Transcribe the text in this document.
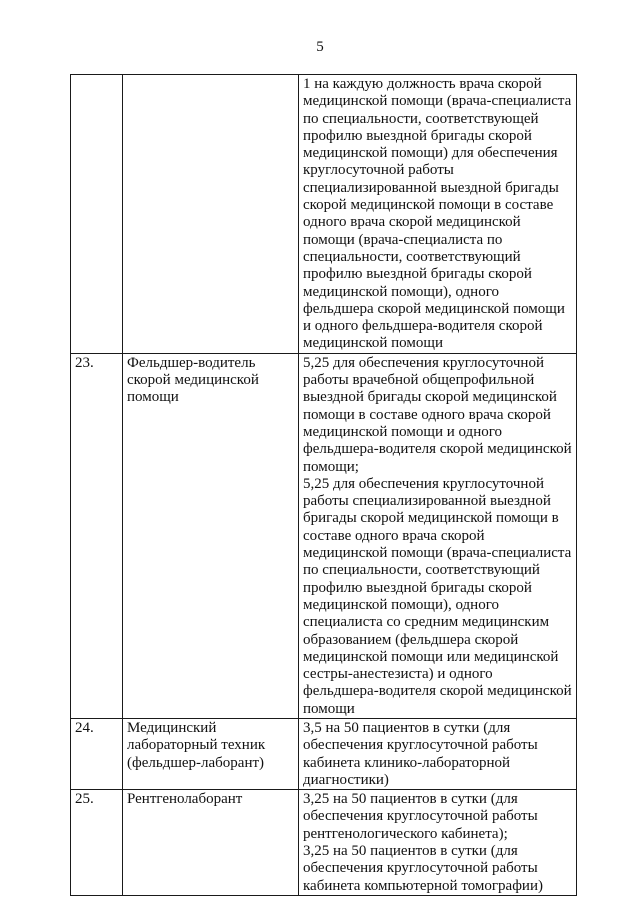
5

		1 на каждую должность врача скорой медицинской помощи (врача-специалиста по специальности, соответствующей профилю выездной бригады скорой медицинской помощи) для обеспечения круглосуточной работы специализированной выездной бригады скорой медицинской помощи в составе одного врача скорой медицинской помощи (врача-специалиста по специальности, соответствующий профилю выездной бригады скорой медицинской помощи), одного фельдшера скорой медицинской помощи и одного фельдшера-водителя скорой медицинской помощи

23.	Фельдшер-водитель скорой медицинской помощи	5,25 для обеспечения круглосуточной работы врачебной общепрофильной выездной бригады скорой медицинской помощи в составе одного врача скорой медицинской помощи и одного фельдшера-водителя скорой медицинской помощи;
5,25 для обеспечения круглосуточной работы специализированной выездной бригады скорой медицинской помощи в составе одного врача скорой медицинской помощи (врача-специалиста по специальности, соответствующий профилю выездной бригады скорой медицинской помощи), одного специалиста со средним медицинским образованием (фельдшера скорой медицинской помощи или медицинской сестры-анестезиста) и одного фельдшера-водителя скорой медицинской помощи

24.	Медицинский лабораторный техник (фельдшер-лаборант)	3,5 на 50 пациентов в сутки (для обеспечения круглосуточной работы кабинета клинико-лабораторной диагностики)

25.	Рентгенолаборант	3,25 на 50 пациентов в сутки (для обеспечения круглосуточной работы рентгенологического кабинета);
3,25 на 50 пациентов в сутки (для обеспечения круглосуточной работы кабинета компьютерной томографии)
